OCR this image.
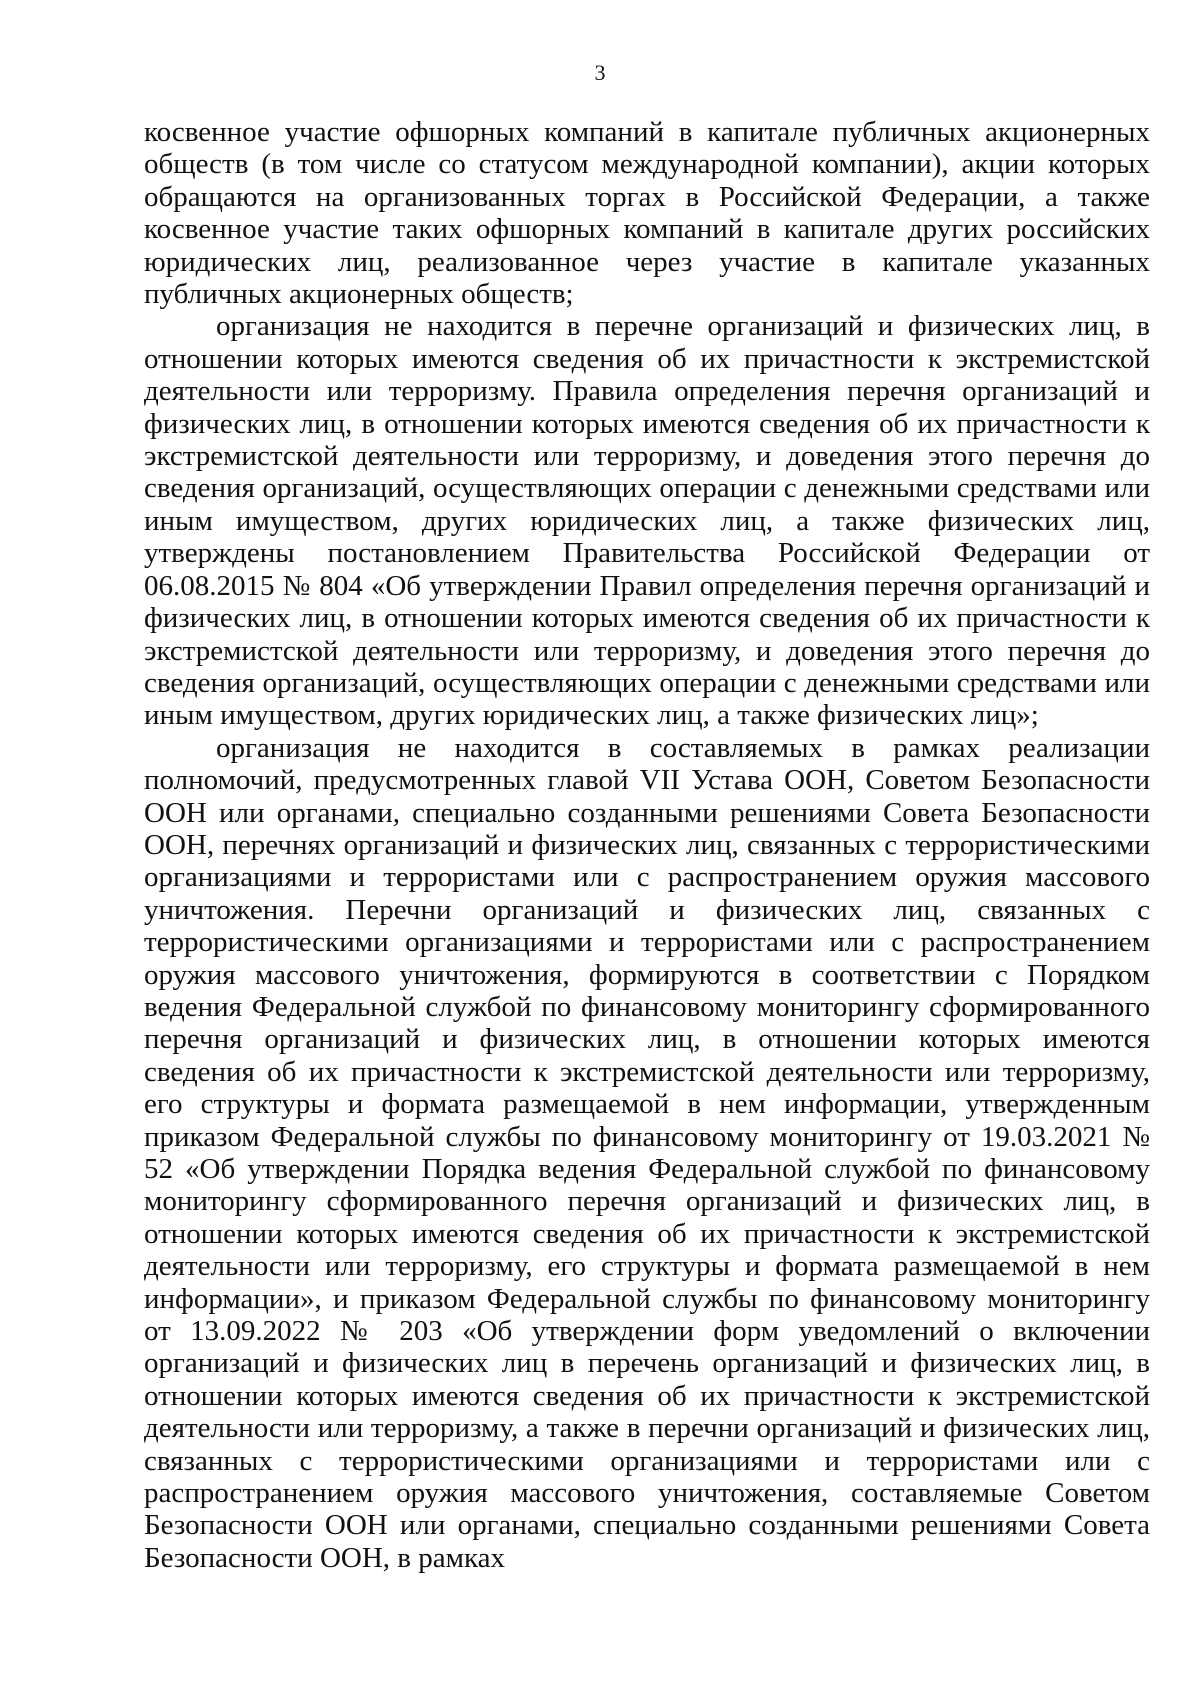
3

косвенное участие офшорных компаний в капитале публичных акционерных обществ (в том числе со статусом международной компании), акции которых обращаются на организованных торгах в Российской Федерации, а также косвенное участие таких офшорных компаний в капитале других российских юридических лиц, реализованное через участие в капитале указанных публичных акционерных обществ;

организация не находится в перечне организаций и физических лиц, в отношении которых имеются сведения об их причастности к экстремистской деятельности или терроризму. Правила определения перечня организаций и физических лиц, в отношении которых имеются сведения об их причастности к экстремистской деятельности или терроризму, и доведения этого перечня до сведения организаций, осуществляющих операции с денежными средствами или иным имуществом, других юридических лиц, а также физических лиц, утверждены постановлением Правительства Российской Федерации от 06.08.2015 № 804 «Об утверждении Правил определения перечня организаций и физических лиц, в отношении которых имеются сведения об их причастности к экстремистской деятельности или терроризму, и доведения этого перечня до сведения организаций, осуществляющих операции с денежными средствами или иным имуществом, других юридических лиц, а также физических лиц»;

организация не находится в составляемых в рамках реализации полномочий, предусмотренных главой VII Устава ООН, Советом Безопасности ООН или органами, специально созданными решениями Совета Безопасности ООН, перечнях организаций и физических лиц, связанных с террористическими организациями и террористами или с распространением оружия массового уничтожения. Перечни организаций и физических лиц, связанных с террористическими организациями и террористами или с распространением оружия массового уничтожения, формируются в соответствии с Порядком ведения Федеральной службой по финансовому мониторингу сформированного перечня организаций и физических лиц, в отношении которых имеются сведения об их причастности к экстремистской деятельности или терроризму, его структуры и формата размещаемой в нем информации, утвержденным приказом Федеральной службы по финансовому мониторингу от 19.03.2021 № 52 «Об утверждении Порядка ведения Федеральной службой по финансовому мониторингу сформированного перечня организаций и физических лиц, в отношении которых имеются сведения об их причастности к экстремистской деятельности или терроризму, его структуры и формата размещаемой в нем информации», и приказом Федеральной службы по финансовому мониторингу от 13.09.2022 № 203 «Об утверждении форм уведомлений о включении организаций и физических лиц в перечень организаций и физических лиц, в отношении которых имеются сведения об их причастности к экстремистской деятельности или терроризму, а также в перечни организаций и физических лиц, связанных с террористическими организациями и террористами или с распространением оружия массового уничтожения, составляемые Советом Безопасности ООН или органами, специально созданными решениями Совета Безопасности ООН, в рамках
